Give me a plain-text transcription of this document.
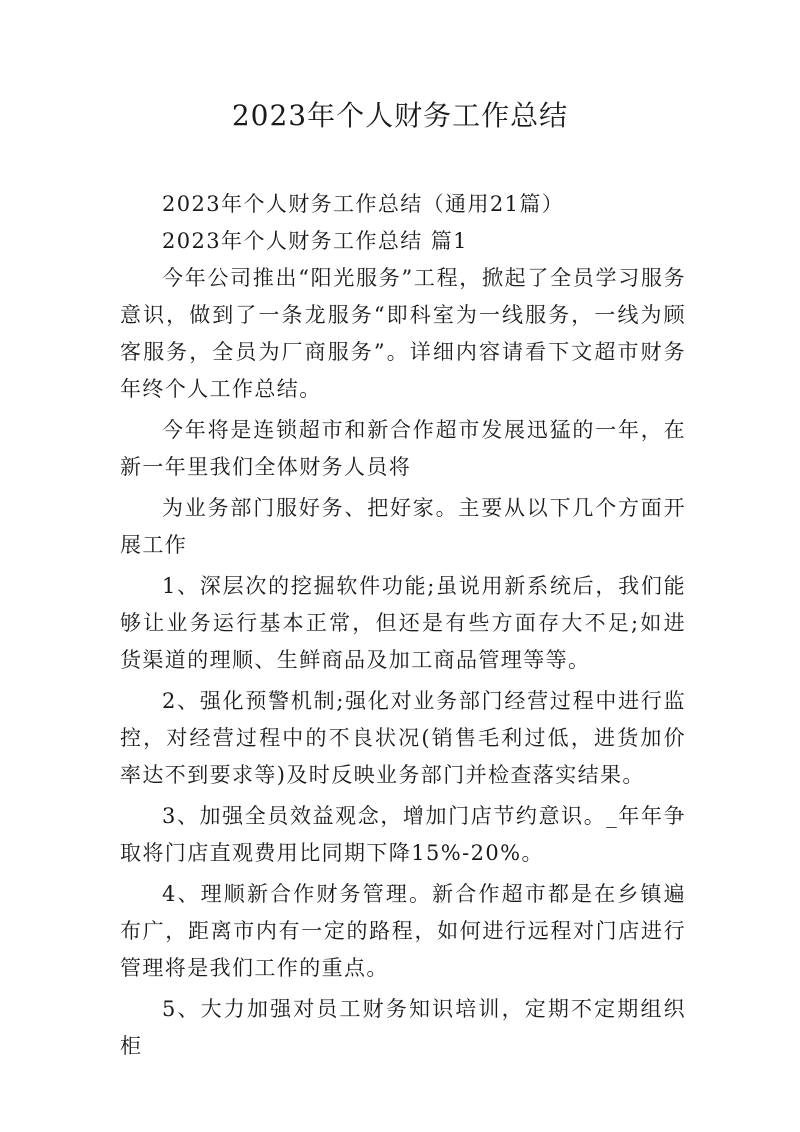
2023年个人财务工作总结

2023年个人财务工作总结（通用21篇）

2023年个人财务工作总结 篇1

今年公司推出“阳光服务”工程，掀起了全员学习服务意识，做到了一条龙服务“即科室为一线服务，一线为顾客服务，全员为厂商服务”。详细内容请看下文超市财务年终个人工作总结。

今年将是连锁超市和新合作超市发展迅猛的一年，在新一年里我们全体财务人员将

为业务部门服好务、把好家。主要从以下几个方面开展工作

1、深层次的挖掘软件功能;虽说用新系统后，我们能够让业务运行基本正常，但还是有些方面存大不足;如进货渠道的理顺、生鲜商品及加工商品管理等等。

2、强化预警机制;强化对业务部门经营过程中进行监控，对经营过程中的不良状况(销售毛利过低，进货加价率达不到要求等)及时反映业务部门并检查落实结果。

3、加强全员效益观念，增加门店节约意识。_年年争取将门店直观费用比同期下降15%-20%。

4、理顺新合作财务管理。新合作超市都是在乡镇遍布广，距离市内有一定的路程，如何进行远程对门店进行管理将是我们工作的重点。

5、大力加强对员工财务知识培训，定期不定期组织柜
